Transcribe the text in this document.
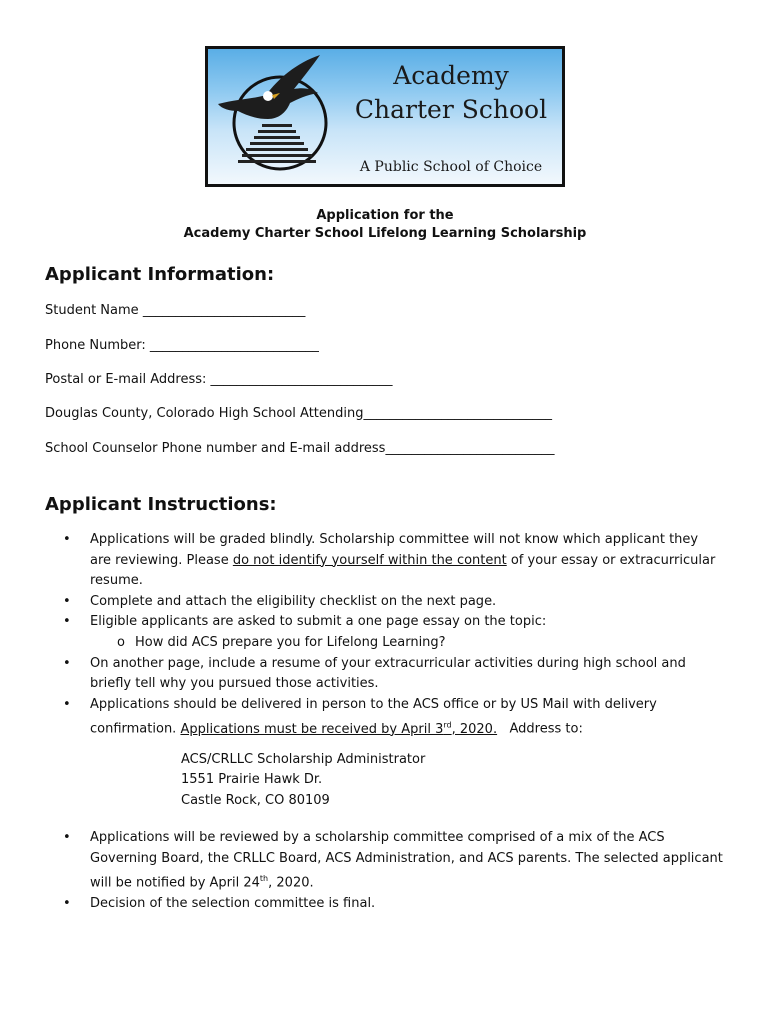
Academy
Charter School
A Public School of Choice
Application for the
Academy Charter School Lifelong Learning Scholarship
Applicant Information:
Student Name _________________________
Phone Number: __________________________
Postal or E-mail Address: ____________________________
Douglas County, Colorado High School Attending_____________________________
School Counselor Phone number and E-mail address__________________________
Applicant Instructions:
• Applications will be graded blindly. Scholarship committee will not know which applicant they are reviewing. Please do not identify yourself within the content of your essay or extracurricular resume.
• Complete and attach the eligibility checklist on the next page.
• Eligible applicants are asked to submit a one page essay on the topic:
o How did ACS prepare you for Lifelong Learning?
• On another page, include a resume of your extracurricular activities during high school and briefly tell why you pursued those activities.
• Applications should be delivered in person to the ACS office or by US Mail with delivery confirmation. Applications must be received by April 3rd, 2020.   Address to:
ACS/CRLLC Scholarship Administrator
1551 Prairie Hawk Dr.
Castle Rock, CO 80109
• Applications will be reviewed by a scholarship committee comprised of a mix of the ACS Governing Board, the CRLLC Board, ACS Administration, and ACS parents. The selected applicant will be notified by April 24th, 2020.
• Decision of the selection committee is final.
